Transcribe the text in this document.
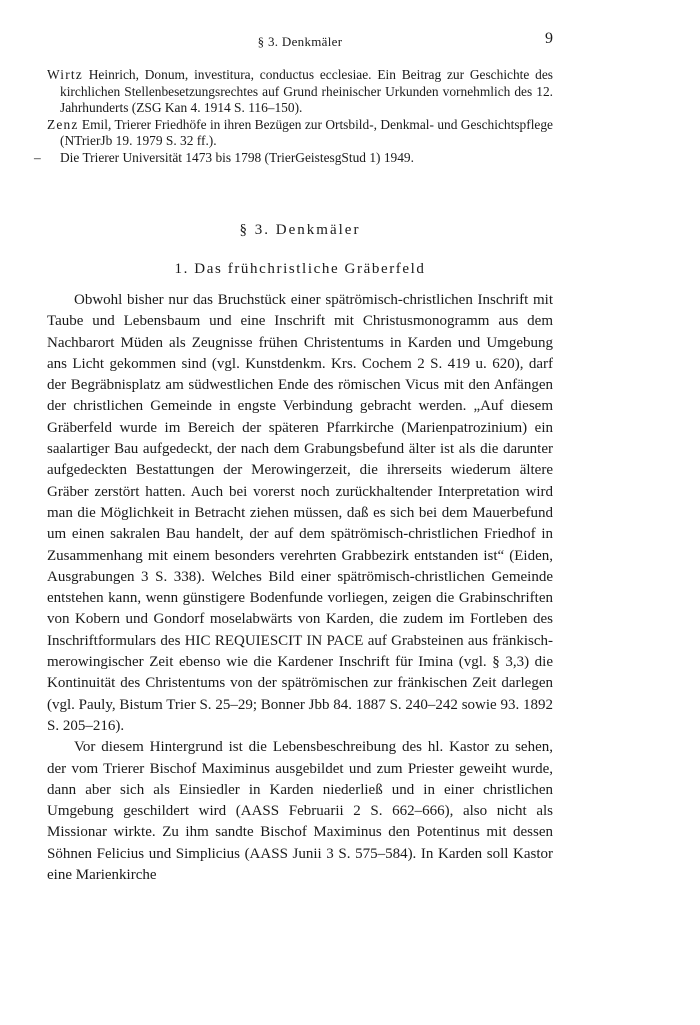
§ 3. Denkmäler	9

Wirtz Heinrich, Donum, investitura, conductus ecclesiae. Ein Beitrag zur Geschichte des kirchlichen Stellenbesetzungsrechtes auf Grund rheinischer Urkunden vornehmlich des 12. Jahrhunderts (ZSG Kan 4. 1914 S. 116–150).

Zenz Emil, Trierer Friedhöfe in ihren Bezügen zur Ortsbild-, Denkmal- und Geschichtspflege (NTrierJb 19. 1979 S. 32 ff.).

– Die Trierer Universität 1473 bis 1798 (TrierGeistesgStud 1) 1949.

§ 3. Denkmäler
1. Das frühchristliche Gräberfeld

Obwohl bisher nur das Bruchstück einer spätrömisch-christlichen Inschrift mit Taube und Lebensbaum und eine Inschrift mit Christusmonogramm aus dem Nachbarort Müden als Zeugnisse frühen Christentums in Karden und Umgebung ans Licht gekommen sind (vgl. Kunstdenkm. Krs. Cochem 2 S. 419 u. 620), darf der Begräbnisplatz am südwestlichen Ende des römischen Vicus mit den Anfängen der christlichen Gemeinde in engste Verbindung gebracht werden. „Auf diesem Gräberfeld wurde im Bereich der späteren Pfarrkirche (Marienpatrozinium) ein saalartiger Bau aufgedeckt, der nach dem Grabungsbefund älter ist als die darunter aufgedeckten Bestattungen der Merowingerzeit, die ihrerseits wiederum ältere Gräber zerstört hatten. Auch bei vorerst noch zurückhaltender Interpretation wird man die Möglichkeit in Betracht ziehen müssen, daß es sich bei dem Mauerbefund um einen sakralen Bau handelt, der auf dem spätrömisch-christlichen Friedhof in Zusammenhang mit einem besonders verehrten Grabbezirk entstanden ist“ (Eiden, Ausgrabungen 3 S. 338). Welches Bild einer spätrömisch-christlichen Gemeinde entstehen kann, wenn günstigere Bodenfunde vorliegen, zeigen die Grabinschriften von Kobern und Gondorf moselabwärts von Karden, die zudem im Fortleben des Inschriftformulars des HIC REQUIESCIT IN PACE auf Grabsteinen aus fränkisch-merowingischer Zeit ebenso wie die Kardener Inschrift für Imina (vgl. § 3,3) die Kontinuität des Christentums von der spätrömischen zur fränkischen Zeit darlegen (vgl. Pauly, Bistum Trier S. 25–29; Bonner Jbb 84. 1887 S. 240–242 sowie 93. 1892 S. 205–216).

Vor diesem Hintergrund ist die Lebensbeschreibung des hl. Kastor zu sehen, der vom Trierer Bischof Maximinus ausgebildet und zum Priester geweiht wurde, dann aber sich als Einsiedler in Karden niederließ und in einer christlichen Umgebung geschildert wird (AASS Februarii 2 S. 662–666), also nicht als Missionar wirkte. Zu ihm sandte Bischof Maximinus den Potentinus mit dessen Söhnen Felicius und Simplicius (AASS Junii 3 S. 575–584). In Karden soll Kastor eine Marienkirche
